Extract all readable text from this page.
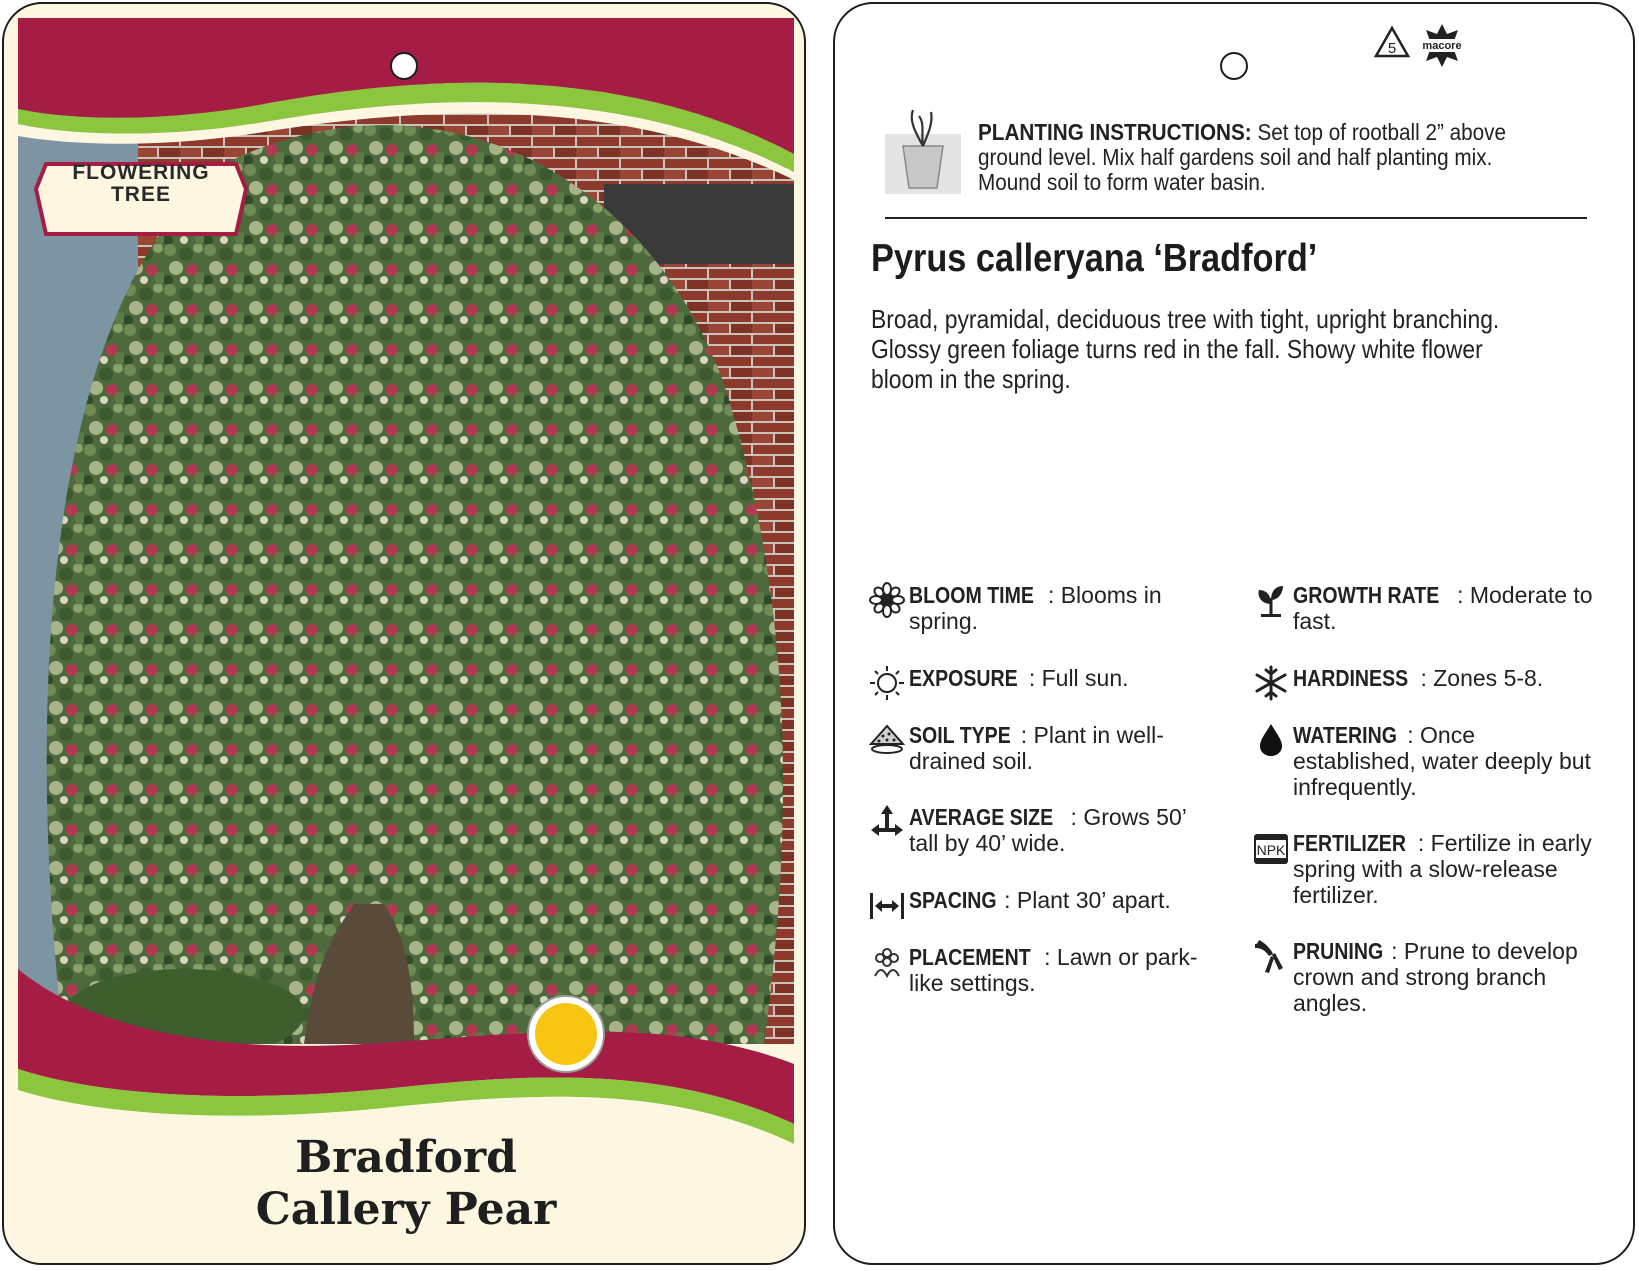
FLOWERING
TREE
Bradford
Callery Pear
5 macore
PLANTING INSTRUCTIONS: Set top of rootball 2” above ground level. Mix half gardens soil and half planting mix. Mound soil to form water basin.
Pyrus calleryana ‘Bradford’
Broad, pyramidal, deciduous tree with tight, upright branching. Glossy green foliage turns red in the fall. Showy white flower bloom in the spring.
BLOOM TIME : Blooms in spring.
EXPOSURE : Full sun.
SOIL TYPE : Plant in well-drained soil.
AVERAGE SIZE : Grows 50’ tall by 40’ wide.
SPACING : Plant 30’ apart.
PLACEMENT : Lawn or park-like settings.
GROWTH RATE : Moderate to fast.
HARDINESS : Zones 5-8.
WATERING : Once established, water deeply but infrequently.
NPK FERTILIZER : Fertilize in early spring with a slow-release fertilizer.
PRUNING : Prune to develop crown and strong branch angles.
